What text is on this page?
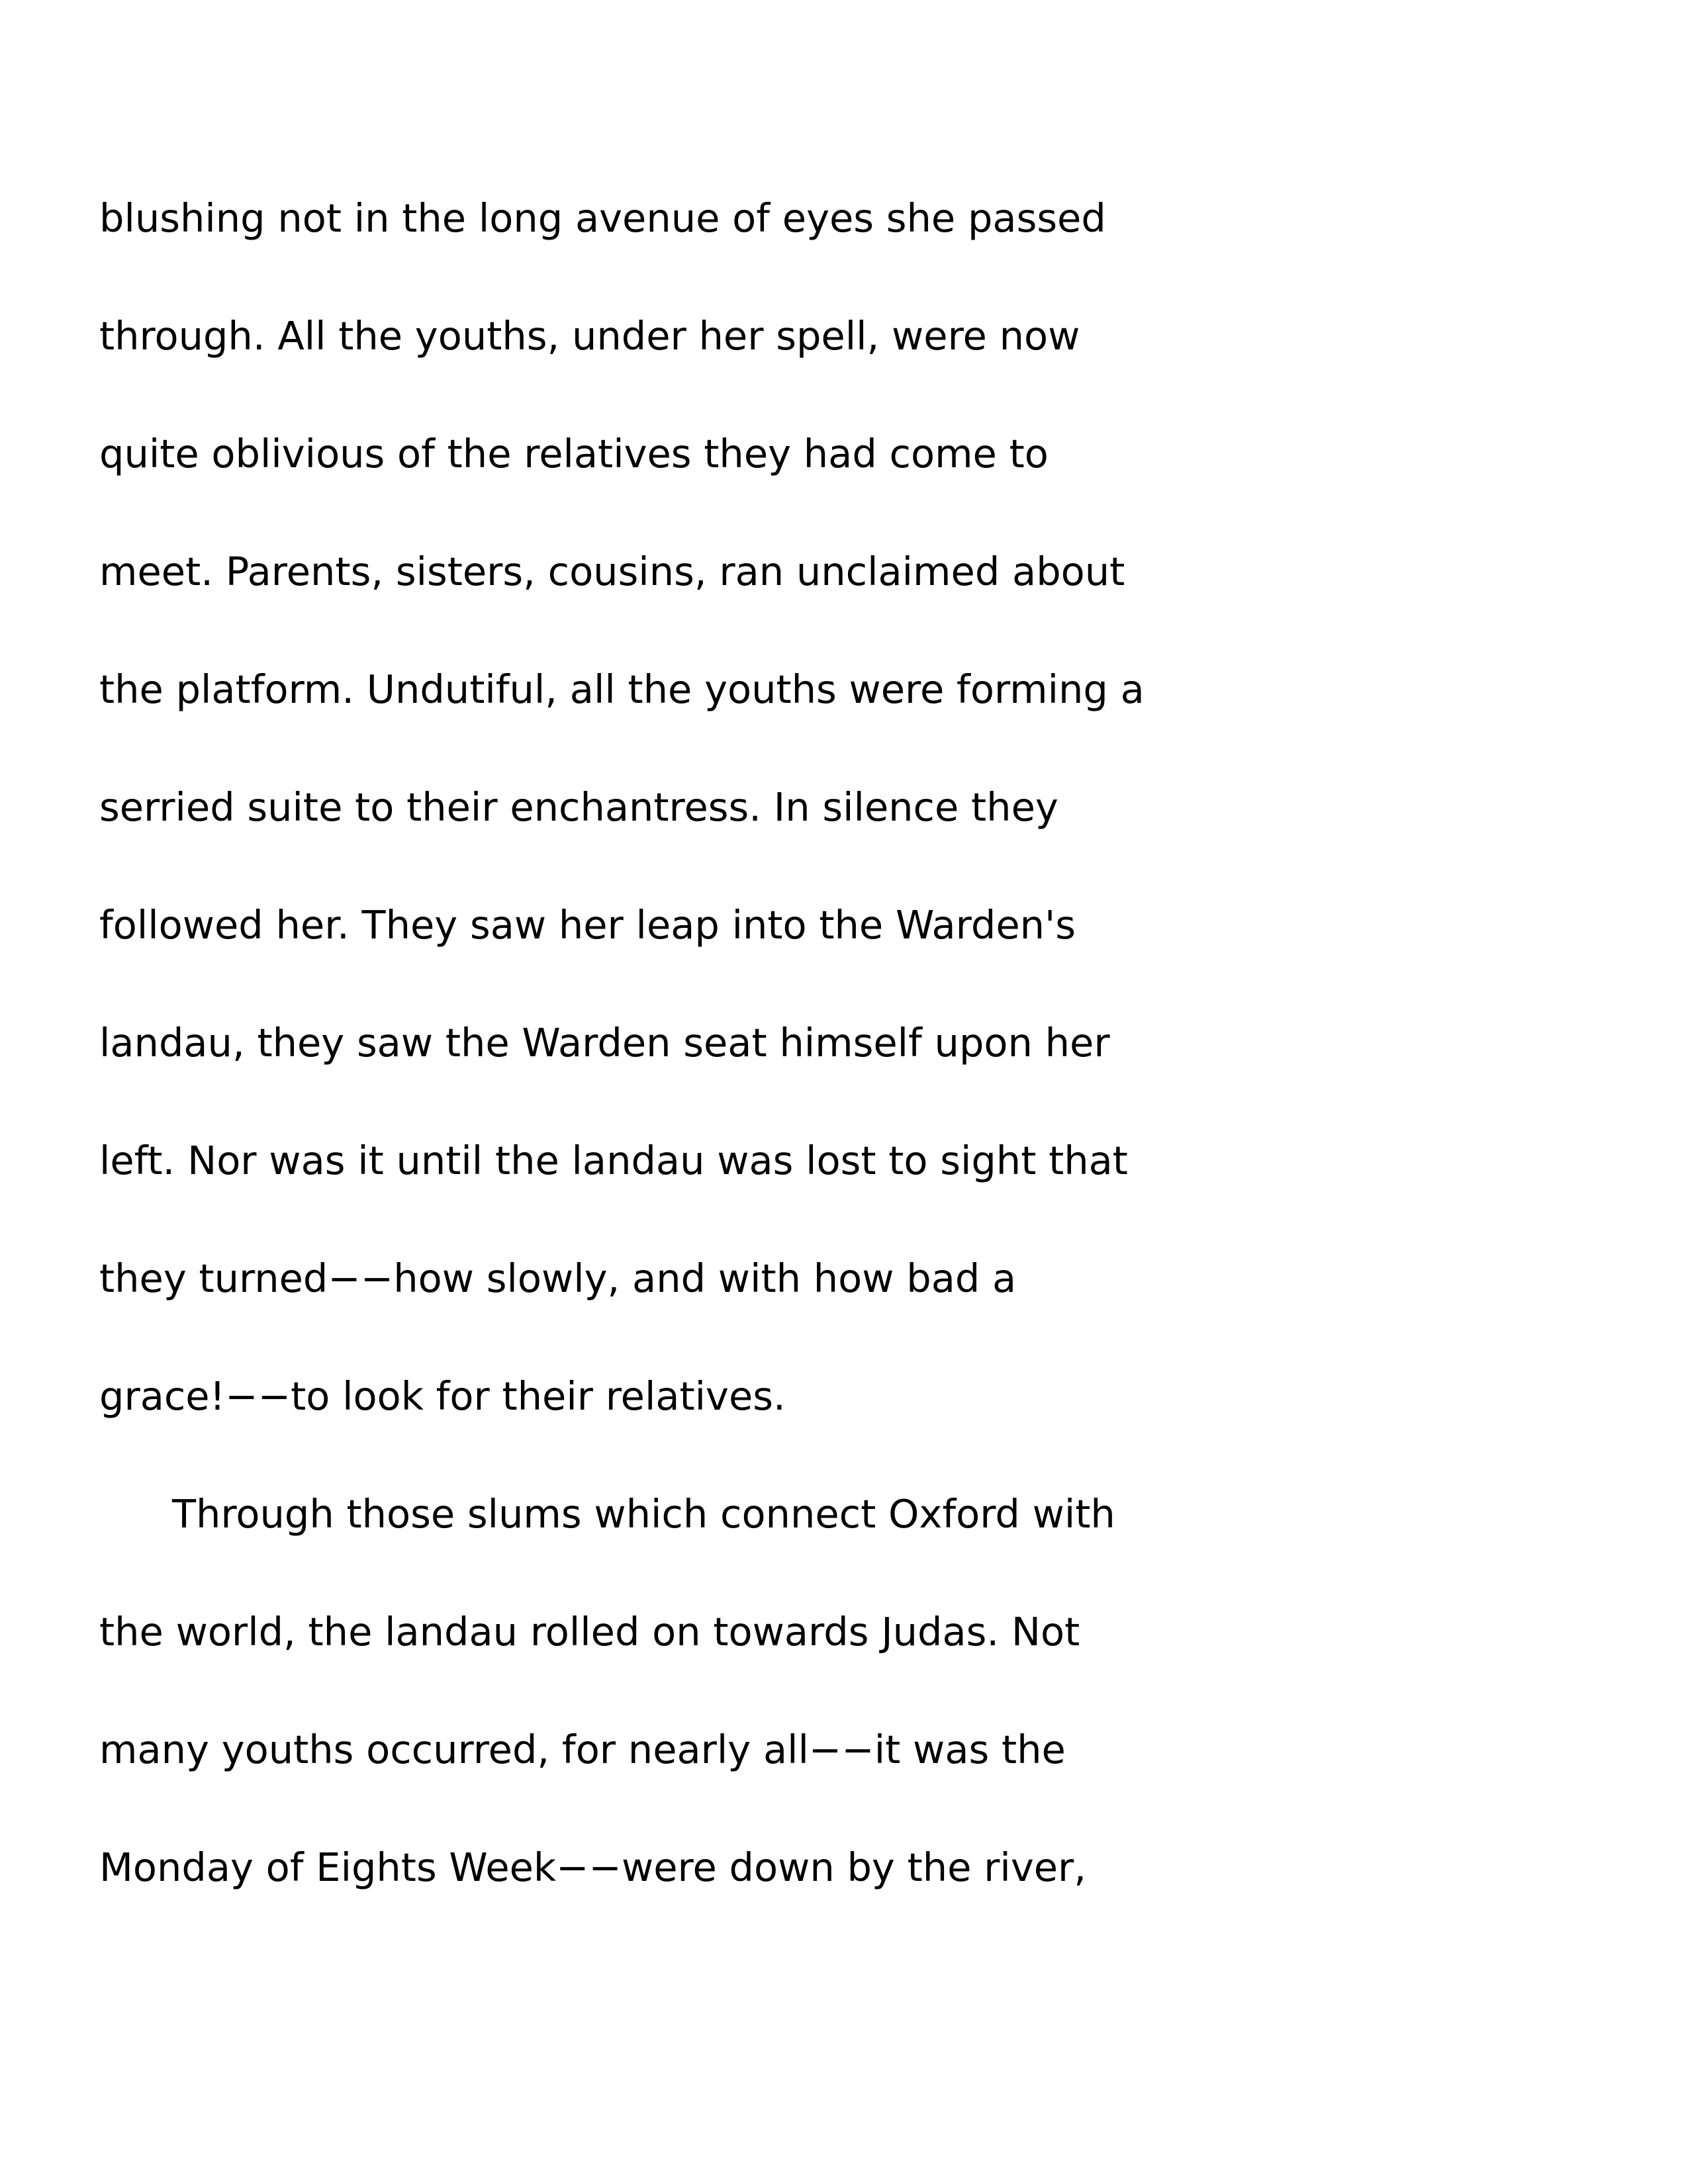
blushing not in the long avenue of eyes she passed
through. All the youths, under her spell, were now
quite oblivious of the relatives they had come to
meet. Parents, sisters, cousins, ran unclaimed about
the platform. Undutiful, all the youths were forming a
serried suite to their enchantress. In silence they
followed her. They saw her leap into the Warden's
landau, they saw the Warden seat himself upon her
left. Nor was it until the landau was lost to sight that
they turned−−how slowly, and with how bad a
grace!−−to look for their relatives.
Through those slums which connect Oxford with
the world, the landau rolled on towards Judas. Not
many youths occurred, for nearly all−−it was the
Monday of Eights Week−−were down by the river,
